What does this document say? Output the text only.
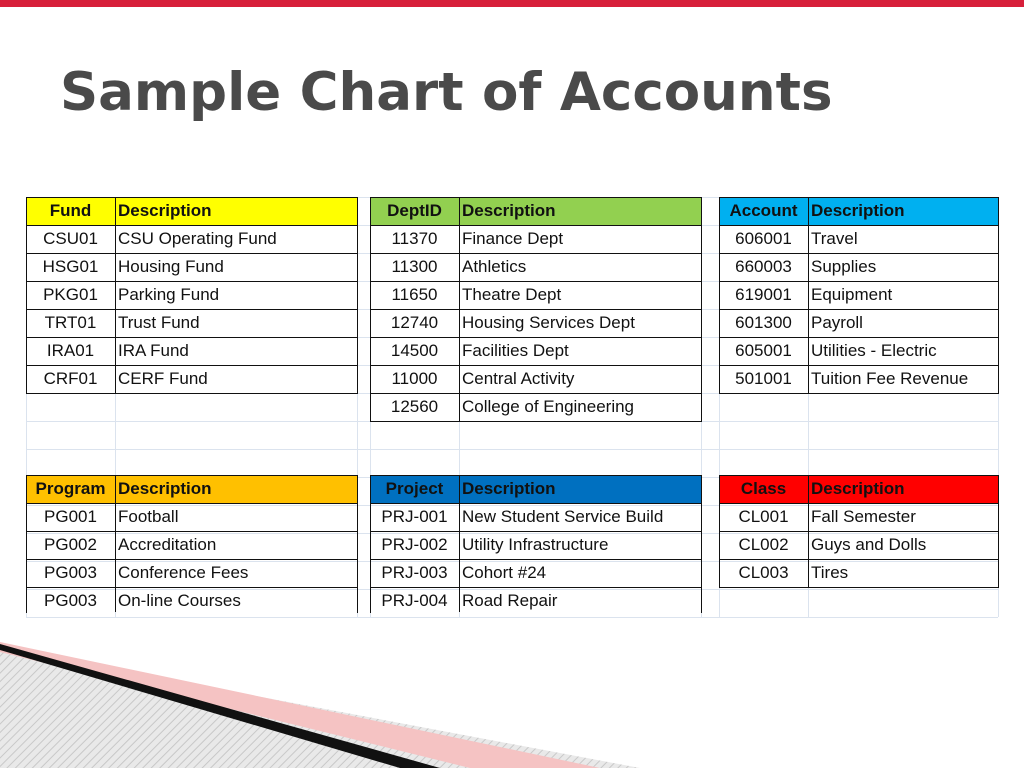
Sample Chart of Accounts
Fund	Description
CSU01	CSU Operating Fund
HSG01	Housing Fund
PKG01	Parking Fund
TRT01	Trust Fund
IRA01	IRA Fund
CRF01	CERF Fund
DeptID	Description
11370	Finance Dept
11300	Athletics
11650	Theatre Dept
12740	Housing Services Dept
14500	Facilities Dept
11000	Central Activity
12560	College of Engineering
Account Description
606001	Travel
660003	Supplies
619001	Equipment
601300	Payroll
605001	Utilities - Electric
501001	Tuition Fee Revenue
Program Description
PG001	Football
PG002	Accreditation
PG003	Conference Fees
PG003	On-line Courses
Project	Description
PRJ-001 New Student Service Build
PRJ-002 Utility Infrastructure
PRJ-003 Cohort #24
PRJ-004 Road Repair
Class	Description
CL001	Fall Semester
CL002	Guys and Dolls
CL003	Tires
